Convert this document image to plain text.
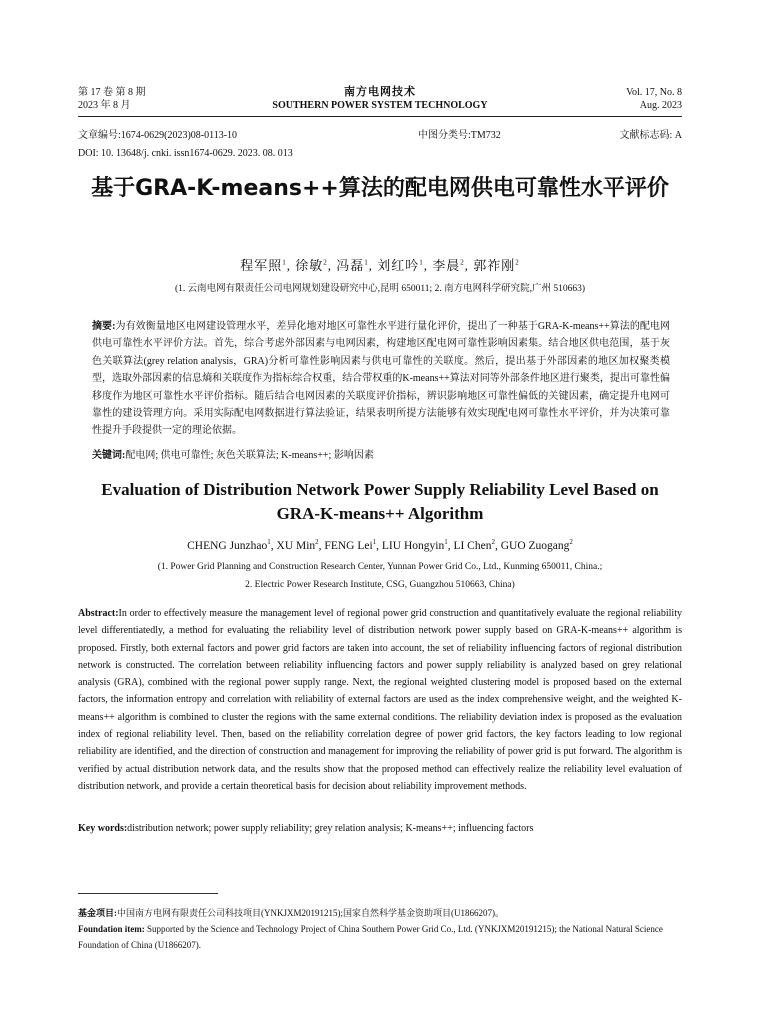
第 17 卷 第 8 期
2023 年 8 月
南方电网技术
SOUTHERN POWER SYSTEM TECHNOLOGY
Vol. 17, No. 8
Aug. 2023
文章编号:1674-0629(2023)08-0113-10	中图分类号:TM732	文献标志码: A
DOI: 10. 13648/j. cnki. issn1674-0629. 2023. 08. 013
基于GRA-K-means++算法的配电网供电可靠性水平评价
程军照$^1$, 徐敏$^2$, 冯磊$^1$, 刘红吟$^1$, 李晨$^2$, 郭祚刚$^2$
(1. 云南电网有限责任公司电网规划建设研究中心,昆明 650011; 2. 南方电网科学研究院,广州 510663)
摘要:为有效衡量地区电网建设管理水平，差异化地对地区可靠性水平进行量化评价，提出了一种基于GRA-K-means++算法的配电网供电可靠性水平评价方法。首先，综合考虑外部因素与电网因素，构建地区配电网可靠性影响因素集。结合地区供电范围，基于灰色关联算法(grey relation analysis，GRA)分析可靠性影响因素与供电可靠性的关联度。然后，提出基于外部因素的地区加权聚类模型，选取外部因素的信息熵和关联度作为指标综合权重，结合带权重的K-means++算法对同等外部条件地区进行聚类，提出可靠性偏移度作为地区可靠性水平评价指标。随后结合电网因素的关联度评价指标，辨识影响地区可靠性偏低的关键因素，确定提升电网可靠性的建设管理方向。采用实际配电网数据进行算法验证，结果表明所提方法能够有效实现配电网可靠性水平评价，并为决策可靠性提升手段提供一定的理论依据。
关键词:配电网; 供电可靠性; 灰色关联算法; K-means++; 影响因素
Evaluation of Distribution Network Power Supply Reliability Level Based on GRA-K-means++ Algorithm
CHENG Junzhao$^1$, XU Min$^2$, FENG Lei$^1$, LIU Hongyin$^1$, LI Chen$^2$, GUO Zuogang$^2$
(1. Power Grid Planning and Construction Research Center, Yunnan Power Grid Co., Ltd., Kunming 650011, China.;
2. Electric Power Research Institute, CSG, Guangzhou 510663, China)
Abstract:In order to effectively measure the management level of regional power grid construction and quantitatively evaluate the regional reliability level differentiatedly, a method for evaluating the reliability level of distribution network power supply based on GRA-K-means++ algorithm is proposed. Firstly, both external factors and power grid factors are taken into account, the set of reliability influencing factors of regional distribution network is constructed. The correlation between reliability influencing factors and power supply reliability is analyzed based on grey relational analysis (GRA), combined with the regional power supply range. Next, the regional weighted clustering model is proposed based on the external factors, the information entropy and correlation with reliability of external factors are used as the index comprehensive weight, and the weighted K-means++ algorithm is combined to cluster the regions with the same external conditions. The reliability deviation index is proposed as the evaluation index of regional reliability level. Then, based on the reliability correlation degree of power grid factors, the key factors leading to low regional reliability are identified, and the direction of construction and management for improving the reliability of power grid is put forward. The algorithm is verified by actual distribution network data, and the results show that the proposed method can effectively realize the reliability level evaluation of distribution network, and provide a certain theoretical basis for decision about reliability improvement methods.
Key words:distribution network; power supply reliability; grey relation analysis; K-means++; influencing factors
基金项目:中国南方电网有限责任公司科技项目(YNKJXM20191215);国家自然科学基金资助项目(U1866207)。
Foundation item: Supported by the Science and Technology Project of China Southern Power Grid Co., Ltd. (YNKJXM20191215); the National Natural Science Foundation of China (U1866207).
